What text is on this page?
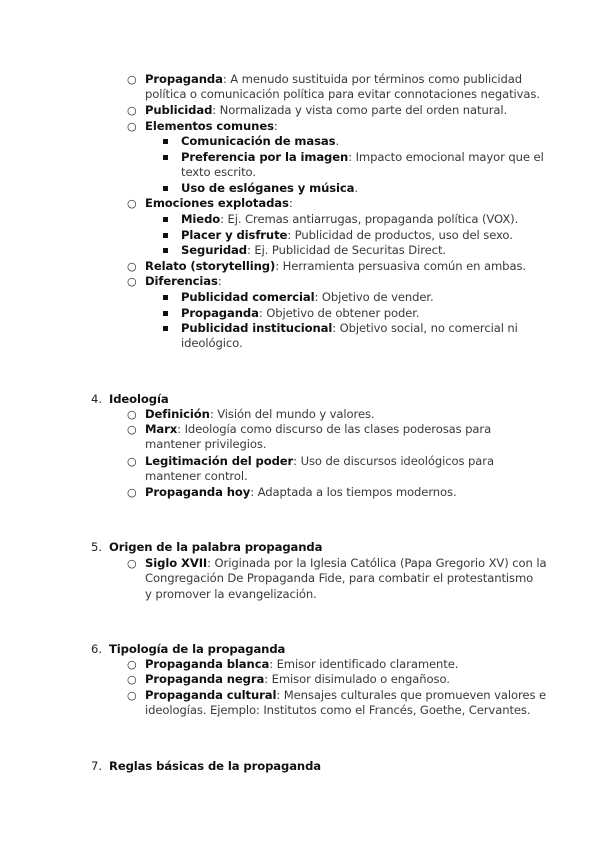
○ Propaganda: A menudo sustituida por términos como publicidad
política o comunicación política para evitar connotaciones negativas.
○ Publicidad: Normalizada y vista como parte del orden natural.
○ Elementos comunes:
Comunicación de masas.
Preferencia por la imagen: Impacto emocional mayor que el
texto escrito.
Uso de eslóganes y música.
○ Emociones explotadas:
Miedo: Ej. Cremas antiarrugas, propaganda política (VOX).
Placer y disfrute: Publicidad de productos, uso del sexo.
Seguridad: Ej. Publicidad de Securitas Direct.
○ Relato (storytelling): Herramienta persuasiva común en ambas.
○ Diferencias:
Publicidad comercial: Objetivo de vender.
Propaganda: Objetivo de obtener poder.
Publicidad institucional: Objetivo social, no comercial ni
ideológico.
4. Ideología
○ Definición: Visión del mundo y valores.
○ Marx: Ideología como discurso de las clases poderosas para
mantener privilegios.
○ Legitimación del poder: Uso de discursos ideológicos para
mantener control.
○ Propaganda hoy: Adaptada a los tiempos modernos.
5. Origen de la palabra propaganda
○ Siglo XVII: Originada por la Iglesia Católica (Papa Gregorio XV) con la
Congregación De Propaganda Fide, para combatir el protestantismo
y promover la evangelización.
6. Tipología de la propaganda
○ Propaganda blanca: Emisor identificado claramente.
○ Propaganda negra: Emisor disimulado o engañoso.
○ Propaganda cultural: Mensajes culturales que promueven valores e
ideologías. Ejemplo: Institutos como el Francés, Goethe, Cervantes.
7. Reglas básicas de la propaganda
